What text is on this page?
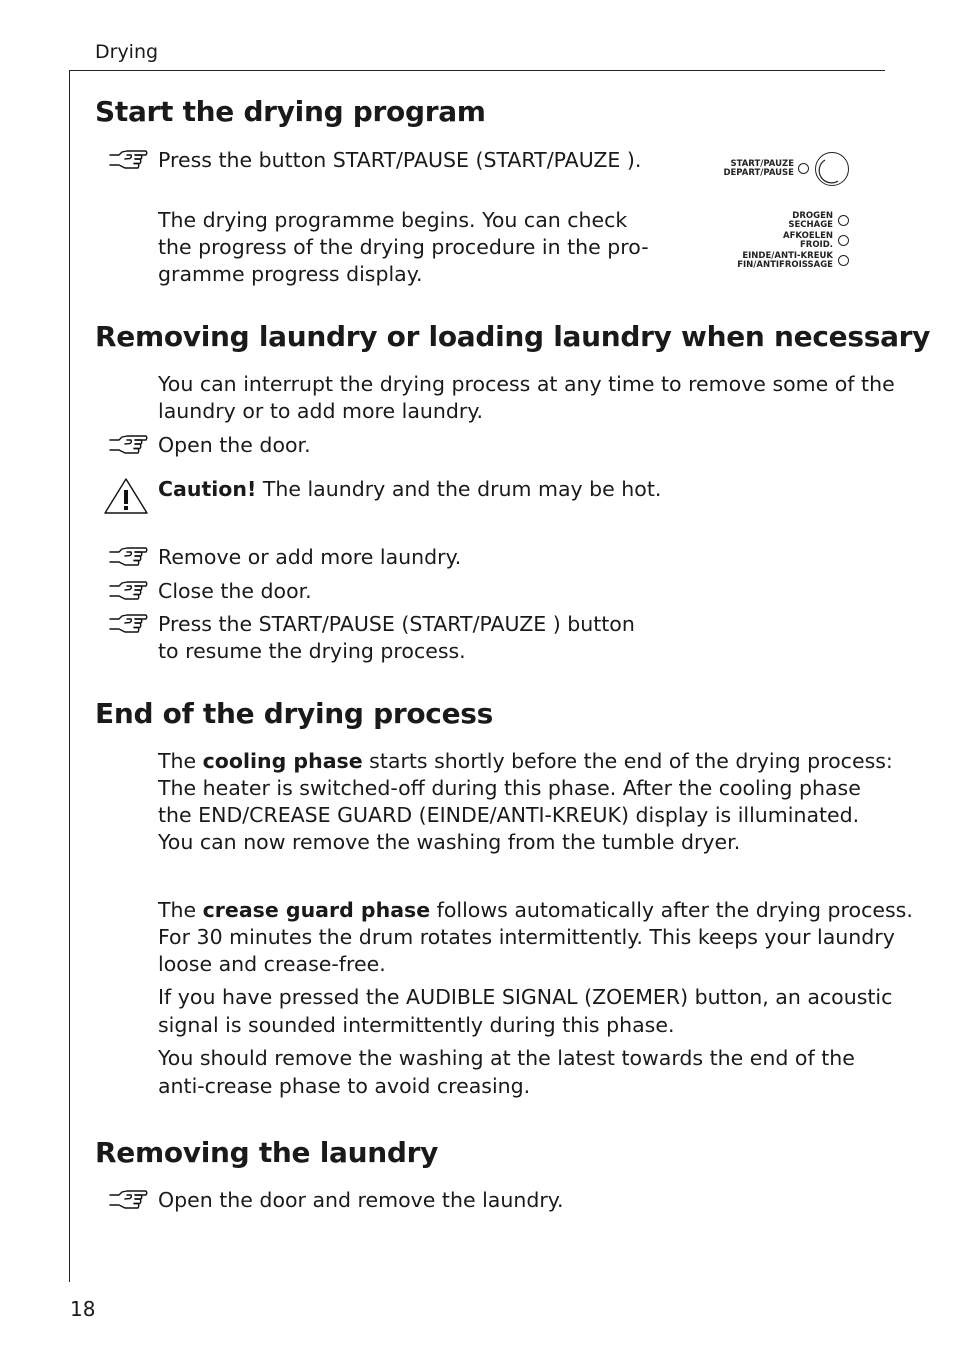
Drying
18
Start the drying program
Press the button START/PAUSE (START/PAUZE ).
The drying programme begins. You can check
the progress of the drying procedure in the pro-
gramme progress display.
START/PAUZE
DEPART/PAUSE
DROGEN
SECHAGE
AFKOELEN
FROID.
EINDE/ANTI-KREUK
FIN/ANTIFROISSAGE
Removing laundry or loading laundry when necessary
You can interrupt the drying process at any time to remove some of the
laundry or to add more laundry.
Open the door.
Caution! The laundry and the drum may be hot.
Remove or add more laundry.
Close the door.
Press the START/PAUSE (START/PAUZE ) button
to resume the drying process.
End of the drying process
The cooling phase starts shortly before the end of the drying process:
The heater is switched-off during this phase. After the cooling phase
the END/CREASE GUARD (EINDE/ANTI-KREUK) display is illuminated.
You can now remove the washing from the tumble dryer.
The crease guard phase follows automatically after the drying process.
For 30 minutes the drum rotates intermittently. This keeps your laundry
loose and crease-free.
If you have pressed the AUDIBLE SIGNAL (ZOEMER) button, an acoustic
signal is sounded intermittently during this phase.
You should remove the washing at the latest towards the end of the
anti-crease phase to avoid creasing.
Removing the laundry
Open the door and remove the laundry.
